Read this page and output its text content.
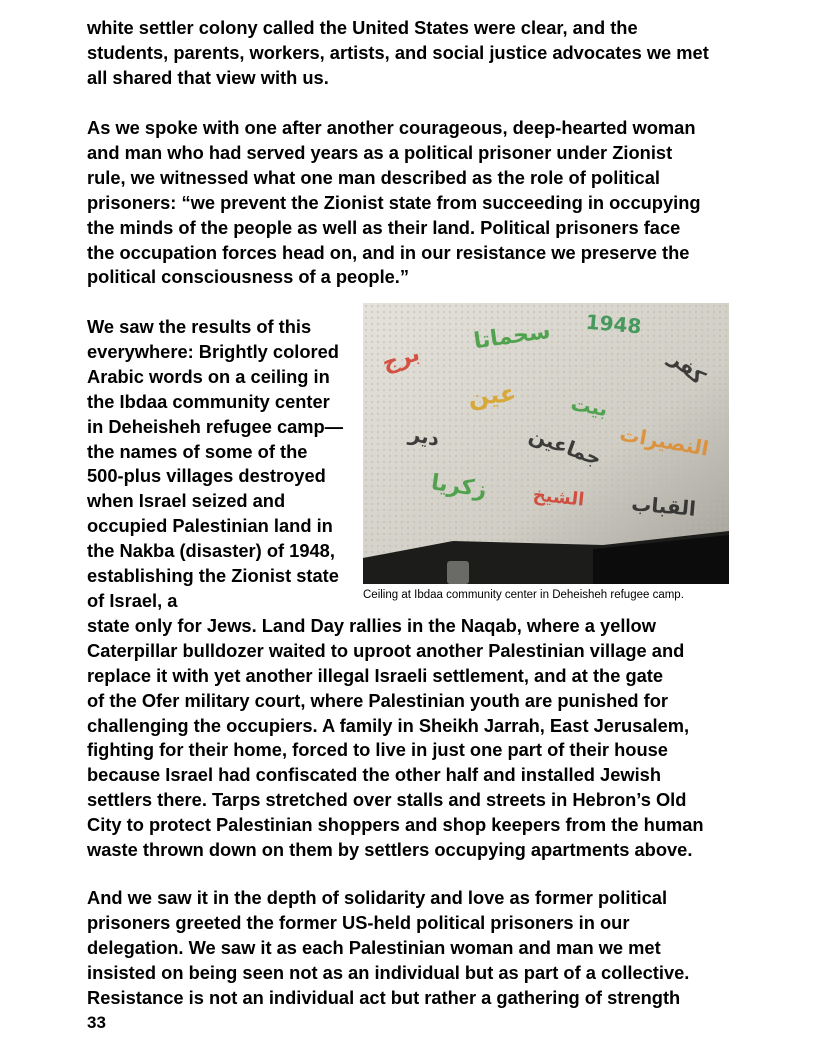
white settler colony called the United States were clear, and the
students, parents, workers, artists, and social justice advocates we met
all shared that view with us.
As we spoke with one after another courageous, deep-hearted woman
and man who had served years as a political prisoner under Zionist
rule, we witnessed what one man described as the role of political
prisoners: “we prevent the Zionist state from succeeding in occupying
the minds of the people as well as their land. Political prisoners face
the occupation forces head on, and in our resistance we preserve the
political consciousness of a people.”
We saw the results of this
everywhere: Brightly colored
Arabic words on a ceiling in
the Ibdaa community center
in Deheisheh refugee camp—
the names of some of the
500-plus villages destroyed
when Israel seized and
occupied Palestinian land in
the Nakba (disaster) of 1948,
establishing the Zionist state
of Israel, a
state only for Jews. Land Day rallies in the Naqab, where a yellow
Caterpillar bulldozer waited to uproot another Palestinian village and
replace it with yet another illegal Israeli settlement, and at the gate
of the Ofer military court, where Palestinian youth are punished for
challenging the occupiers. A family in Sheikh Jarrah, East Jerusalem,
fighting for their home, forced to live in just one part of their house
because Israel had confiscated the other half and installed Jewish
settlers there. Tarps stretched over stalls and streets in Hebron’s Old
City to protect Palestinian shoppers and shop keepers from the human
waste thrown down on them by settlers occupying apartments above.
And we saw it in the depth of solidarity and love as former political
prisoners greeted the former US-held political prisoners in our
delegation. We saw it as each Palestinian woman and man we met
insisted on being seen not as an individual but as part of a collective.
Resistance is not an individual act but rather a gathering of strength
برج
سحماتا 1948
كفر
عين	بيت
دير	جماعين النصيرات
زكريا الشيخ القباب
Ceiling at Ibdaa community center in Deheisheh refugee camp.
33
